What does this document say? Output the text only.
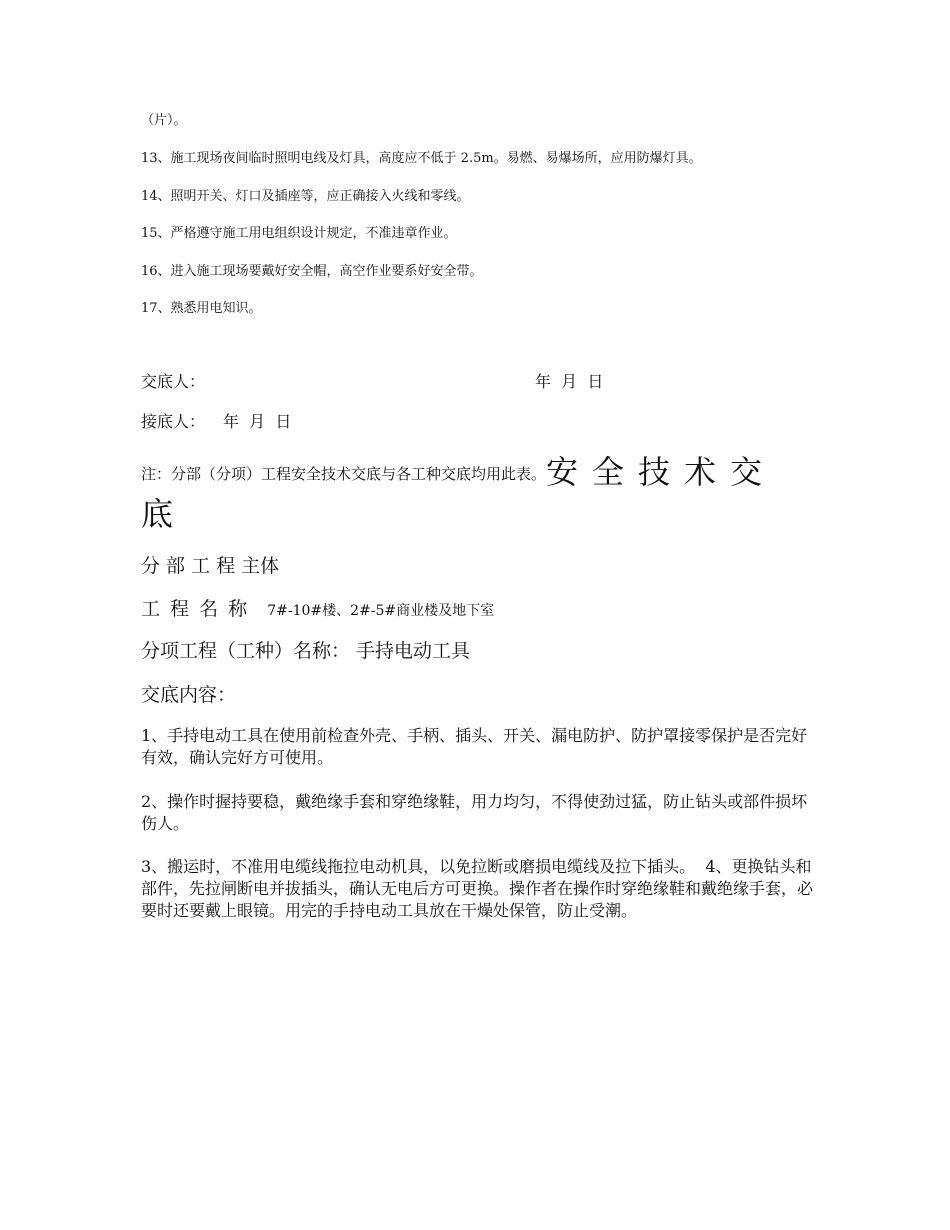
（片）。
13、施工现场夜间临时照明电线及灯具，高度应不低于 2.5m。易燃、易爆场所，应用防爆灯具。
14、照明开关、灯口及插座等，应正确接入火线和零线。
15、严格遵守施工用电组织设计规定，不准违章作业。
16、进入施工现场要戴好安全帽，高空作业要系好安全带。
17、熟悉用电知识。
交底人：	年  月  日
接底人： 年  月  日
注：分部（分项）工程安全技术交底与各工种交底均用此表。安全技术交
底
分 部 工 程 主体
工 程 名 称 7#-10#楼、2#-5#商业楼及地下室
分项工程（工种）名称： 手持电动工具
交底内容：
1、手持电动工具在使用前检查外壳、手柄、插头、开关、漏电防护、防护罩接零保护是否完好有效，确认完好方可使用。
2、操作时握持要稳，戴绝缘手套和穿绝缘鞋，用力均匀，不得使劲过猛，防止钻头或部件损坏伤人。
3、搬运时，不准用电缆线拖拉电动机具，以免拉断或磨损电缆线及拉下插头。  4、更换钻头和部件，先拉闸断电并拔插头，确认无电后方可更换。操作者在操作时穿绝缘鞋和戴绝缘手套，必要时还要戴上眼镜。用完的手持电动工具放在干燥处保管，防止受潮。
